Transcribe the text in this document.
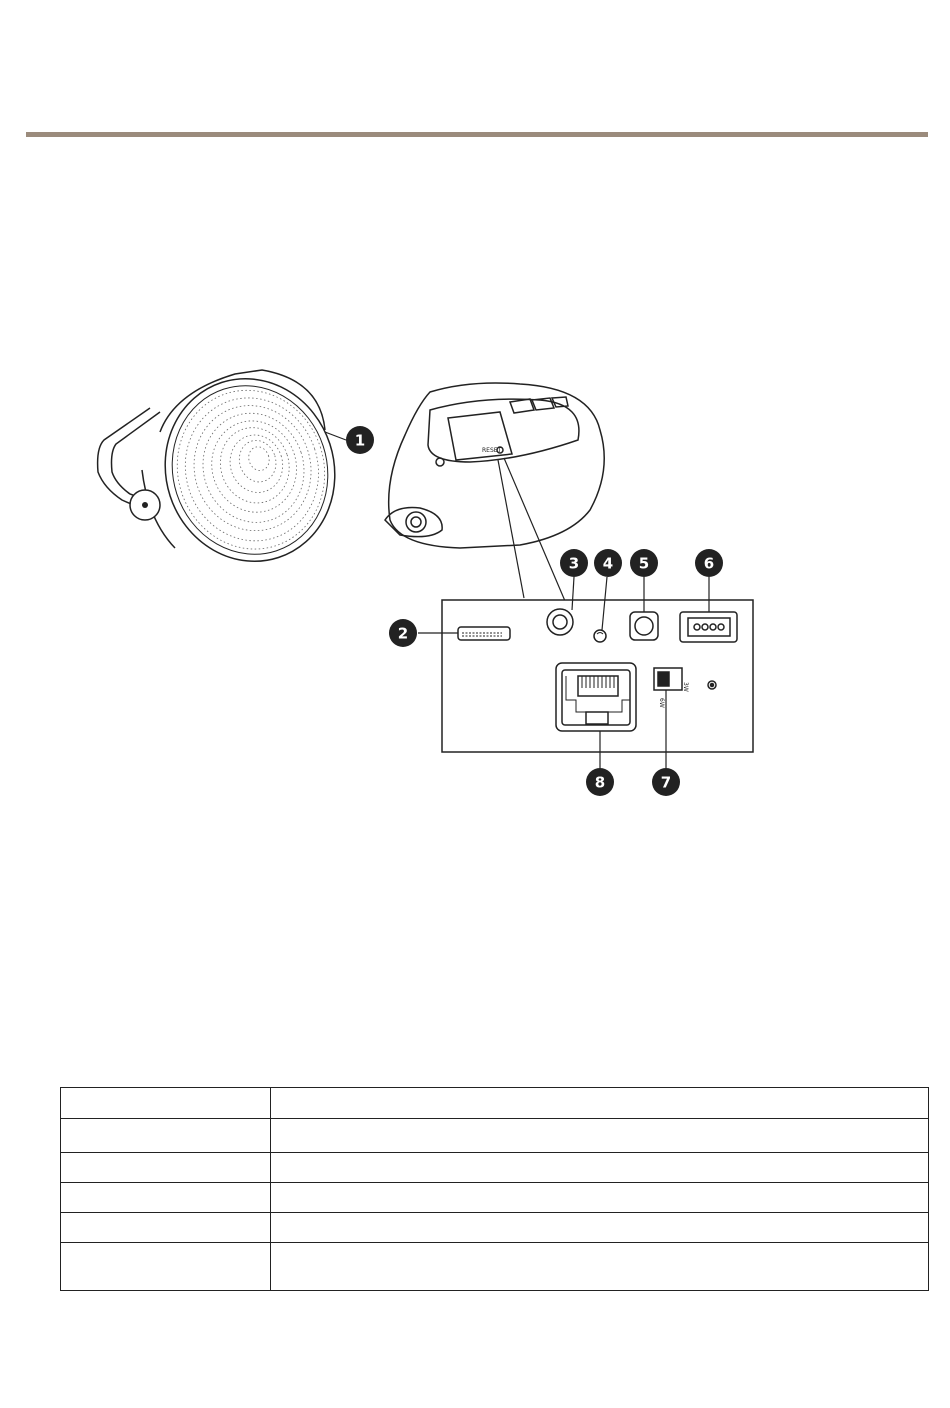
1
RESET
3W
6W
2
3 4 5	6
7
8
